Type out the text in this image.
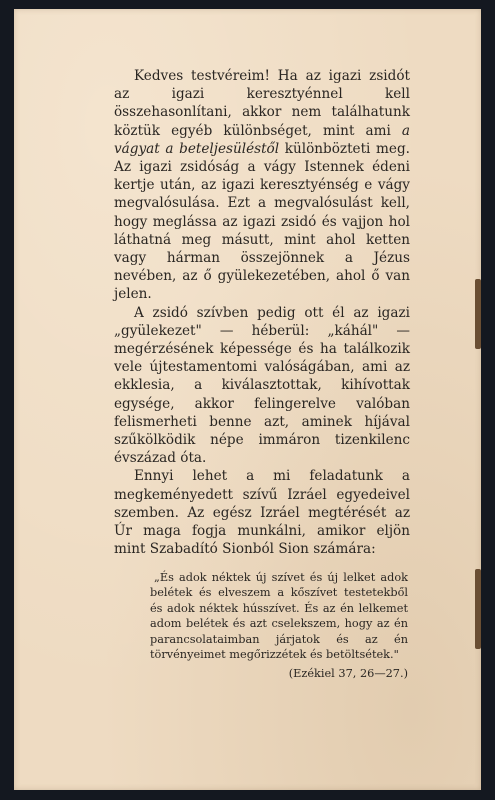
Kedves testvéreim! Ha az igazi zsidót az igazi keresztyénnel kell összehasonlítani, akkor nem találhatunk köztük egyéb különbséget, mint ami a vágyat a beteljesüléstől különbözteti meg. Az igazi zsidóság a vágy Istennek édeni kertje után, az igazi keresztyénség e vágy megvalósulása. Ezt a megvalósulást kell, hogy meglássa az igazi zsidó és vajjon hol láthatná meg másutt, mint ahol ketten vagy hárman összejönnek a Jézus nevében, az ő gyülekezetében, ahol ő van jelen.

A zsidó szívben pedig ott él az igazi „gyülekezet" — héberül: „káhál" — megérzésének képessége és ha találkozik vele újtestamentomi valóságában, ami az ekklesia, a kiválasztottak, kihívottak egysége, akkor felingerelve valóban felismerheti benne azt, aminek híjával szűkölködik népe immáron tizenkilenc évszázad óta.

Ennyi lehet a mi feladatunk a megkeményedett szívű Izráel egyedeivel szemben. Az egész Izráel megtérését az Úr maga fogja munkálni, amikor eljön mint Szabadító Sionból Sion számára:

„És adok néktek új szívet és új lelket adok belétek és elveszem a kőszívet testetekből és adok néktek hússzívet. És az én lelkemet adom belétek és azt cselekszem, hogy az én parancsolataimban járjatok és az én törvényeimet megőrizzétek és betöltsétek."
(Ezékiel 37, 26—27.)
